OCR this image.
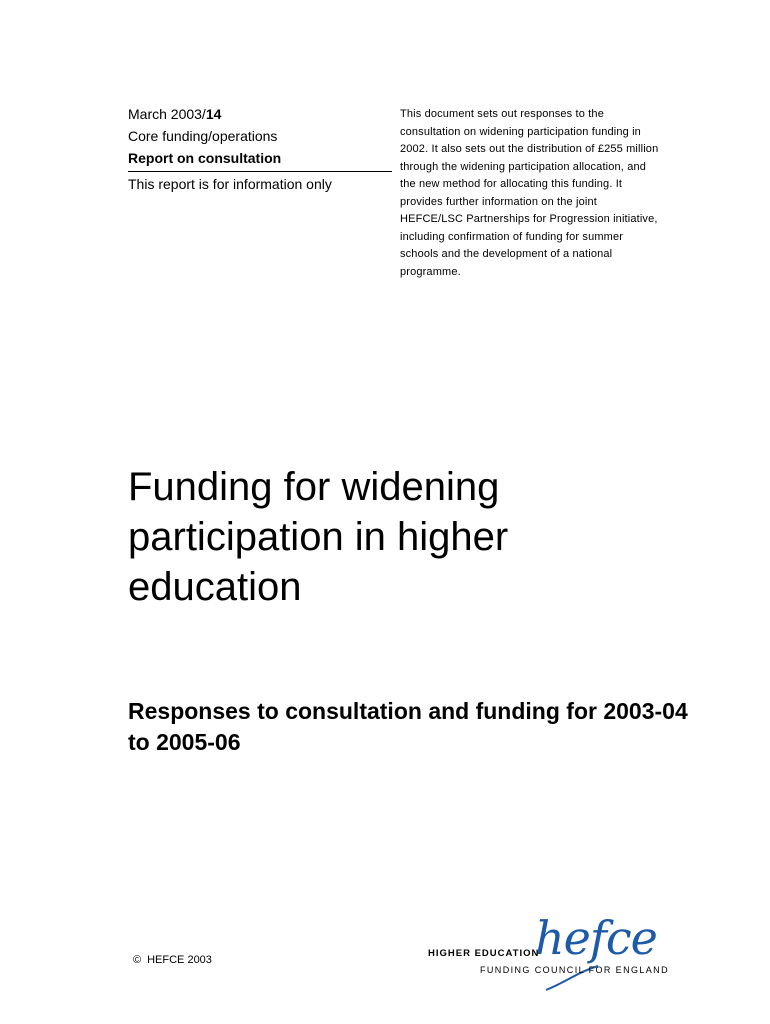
March 2003/14
Core funding/operations
Report on consultation
This report is for information only
This document sets out responses to the consultation on widening participation funding in 2002. It also sets out the distribution of £255 million through the widening participation allocation, and the new method for allocating this funding. It provides further information on the joint HEFCE/LSC Partnerships for Progression initiative, including confirmation of funding for summer schools and the development of a national programme.
Funding for widening participation in higher education
Responses to consultation and funding for 2003-04 to 2005-06
© HEFCE 2003	hefce
HIGHER EDUCATION
FUNDING COUNCIL FOR ENGLAND
